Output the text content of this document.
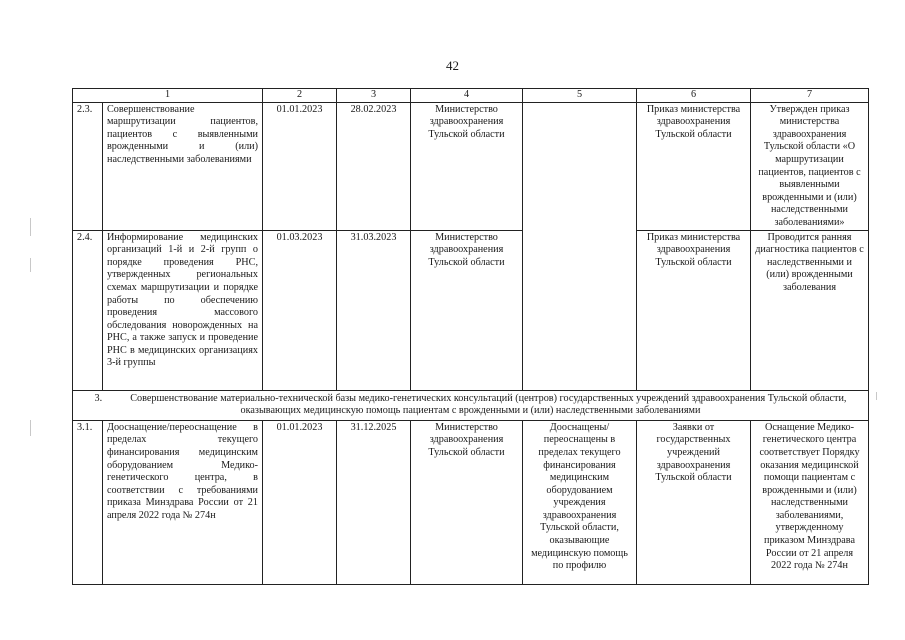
42
1		2	3	4	5	6	7
2.3.	Совершенствование маршрутизации пациентов, пациентов с выявленными врожденными и (или) наследственными заболеваниями	01.01.2023	28.02.2023	Министерство здравоохранения Тульской области		Приказ министерства здравоохранения Тульской области	Утвержден приказ министерства здравоохранения Тульской области «О маршрутизации пациентов, пациентов с выявленными врожденными и (или) наследственными заболеваниями»
2.4.	Информирование медицинских организаций 1-й и 2-й групп о порядке проведения РНС, утвержденных региональных схемах маршрутизации и порядке работы по обеспечению проведения массового обследования новорожденных на РНС, а также запуск и проведение РНС в медицинских организациях 3-й группы	01.03.2023	31.03.2023	Министерство здравоохранения Тульской области		Приказ министерства здравоохранения Тульской области	Проводится ранняя диагностика пациентов с наследственными и (или) врожденными заболевания
3. Совершенствование материально-технической базы медико-генетических консультаций (центров) государственных учреждений здравоохранения Тульской области, оказывающих медицинскую помощь пациентам с врожденными и (или) наследственными заболеваниями							
3.1.	Дооснащение/переоснащение в пределах текущего финансирования медицинским оборудованием Медико-генетического центра, в соответствии с требованиями приказа Минздрава России от 21 апреля 2022 года № 274н	01.01.2023	31.12.2025	Министерство здравоохранения Тульской области	Дооснащены/ переоснащены в пределах текущего финансирования медицинским оборудованием учреждения здравоохранения Тульской области, оказывающие медицинскую помощь по профилю	Заявки от государственных учреждений здравоохранения Тульской области	Оснащение Медико-генетического центра соответствует Порядку оказания медицинской помощи пациентам с врожденными и (или) наследственными заболеваниями, утвержденному приказом Минздрава России от 21 апреля 2022 года № 274н
